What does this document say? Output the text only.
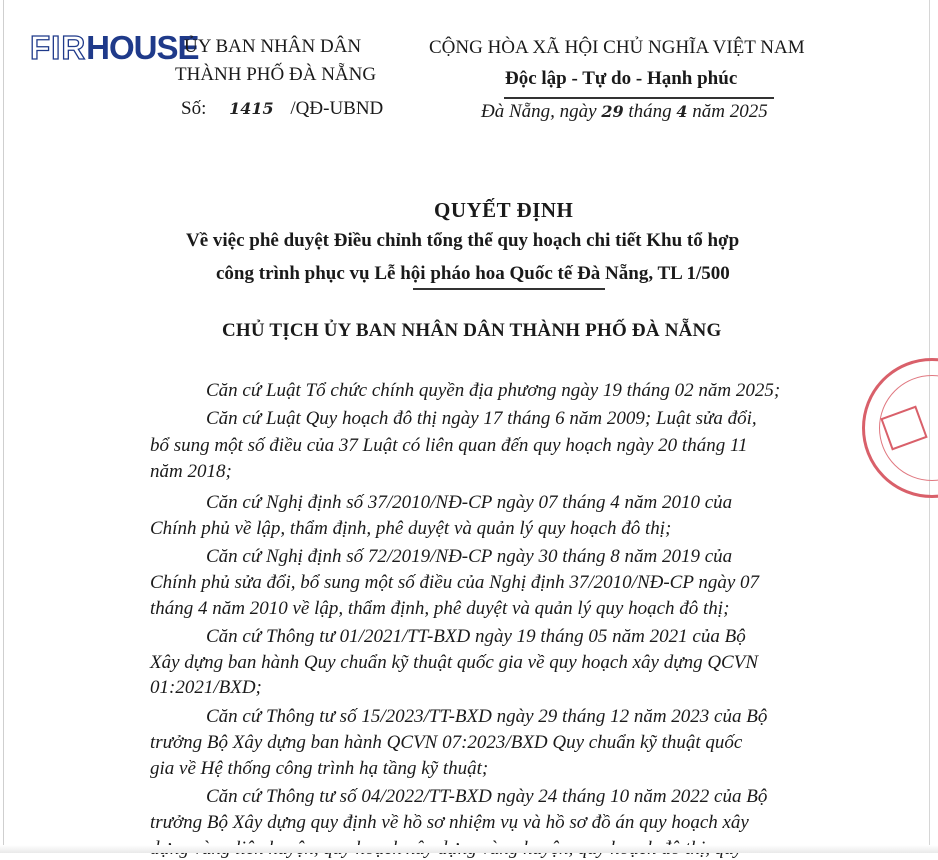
FIR HOUSE
ỦY BAN NHÂN DÂN
THÀNH PHỐ ĐÀ NẴNG
Số: 1415 /QĐ-UBND
CỘNG HÒA XÃ HỘI CHỦ NGHĨA VIỆT NAM
Độc lập - Tự do - Hạnh phúc
Đà Nẵng, ngày 29 tháng 4 năm 2025
QUYẾT ĐỊNH
Về việc phê duyệt Điều chỉnh tổng thể quy hoạch chi tiết Khu tổ hợp
công trình phục vụ Lễ hội pháo hoa Quốc tế Đà Nẵng, TL 1/500
CHỦ TỊCH ỦY BAN NHÂN DÂN THÀNH PHỐ ĐÀ NẴNG
Căn cứ Luật Tổ chức chính quyền địa phương ngày 19 tháng 02 năm 2025;
Căn cứ Luật Quy hoạch đô thị ngày 17 tháng 6 năm 2009; Luật sửa đổi,
bổ sung một số điều của 37 Luật có liên quan đến quy hoạch ngày 20 tháng 11
năm 2018;
Căn cứ Nghị định số 37/2010/NĐ-CP ngày 07 tháng 4 năm 2010 của
Chính phủ về lập, thẩm định, phê duyệt và quản lý quy hoạch đô thị;
Căn cứ Nghị định số 72/2019/NĐ-CP ngày 30 tháng 8 năm 2019 của
Chính phủ sửa đổi, bổ sung một số điều của Nghị định 37/2010/NĐ-CP ngày 07
tháng 4 năm 2010 về lập, thẩm định, phê duyệt và quản lý quy hoạch đô thị;
Căn cứ Thông tư 01/2021/TT-BXD ngày 19 tháng 05 năm 2021 của Bộ
Xây dựng ban hành Quy chuẩn kỹ thuật quốc gia về quy hoạch xây dựng QCVN
01:2021/BXD;
Căn cứ Thông tư số 15/2023/TT-BXD ngày 29 tháng 12 năm 2023 của Bộ
trưởng Bộ Xây dựng ban hành QCVN 07:2023/BXD Quy chuẩn kỹ thuật quốc
gia về Hệ thống công trình hạ tầng kỹ thuật;
Căn cứ Thông tư số 04/2022/TT-BXD ngày 24 tháng 10 năm 2022 của Bộ
trưởng Bộ Xây dựng quy định về hồ sơ nhiệm vụ và hồ sơ đồ án quy hoạch xây
